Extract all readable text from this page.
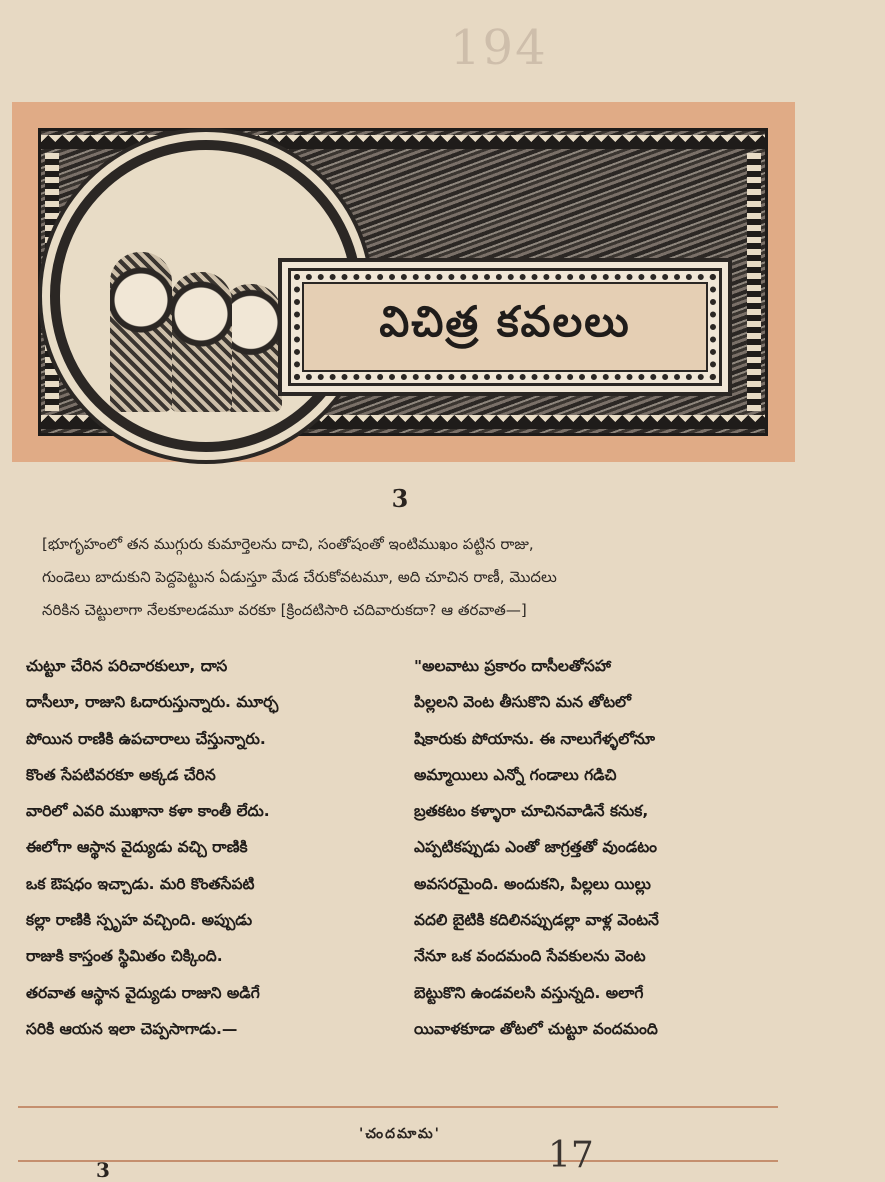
194
విచిత్ర కవలలు
3
[భూగృహంలో తన ముగ్గురు కుమార్తెలను దాచి, సంతోషంతో ఇంటిముఖం పట్టిన రాజు,
గుండెలు బాదుకుని పెద్దపెట్టున ఏడుస్తూ మేడ చేరుకోవటమూ, అది చూచిన రాణీ, మొదలు
నరికిన చెట్టులాగా నేలకూలడమూ వరకూ [క్రిందటిసారి చదివారుకదా? ఆ తరవాత—]
చుట్టూ చేరిన పరిచారకులూ, దాస
దాసీలూ, రాజుని ఓదారుస్తున్నారు. మూర్ఛ
పోయిన రాణికి ఉపచారాలు చేస్తున్నారు.
కొంత సేపటివరకూ అక్కడ చేరిన
వారిలో ఎవరి ముఖానా కళా కాంతీ లేదు.
ఈలోగా ఆస్థాన వైద్యుడు వచ్చి రాణికి
ఒక ఔషధం ఇచ్చాడు. మరి కొంతసేపటి
కల్లా రాణికి స్పృహ వచ్చింది. అప్పుడు
రాజుకి కాస్తంత స్థిమితం చిక్కింది.
తరవాత ఆస్థాన వైద్యుడు రాజుని అడిగే
సరికి ఆయన ఇలా చెప్పసాగాడు.—
"అలవాటు ప్రకారం దాసీలతోసహా
పిల్లలని వెంట తీసుకొని మన తోటలో
షికారుకు పోయాను. ఈ నాలుగేళ్ళలోనూ
అమ్మాయిలు ఎన్నో గండాలు గడిచి
బ్రతకటం కళ్ళారా చూచినవాడినే కనుక,
ఎప్పటికప్పుడు ఎంతో జాగ్రత్తతో వుండటం
అవసరమైంది. అందుకని, పిల్లలు యిల్లు
వదలి బైటికి కదిలినప్పుడల్లా వాళ్ల వెంటనే
నేనూ ఒక వందమంది సేవకులను వెంట
బెట్టుకొని ఉండవలసి వస్తున్నది. అలాగే
యివాళకూడా తోటలో చుట్టూ వందమంది
'చందమామ'
3	17
